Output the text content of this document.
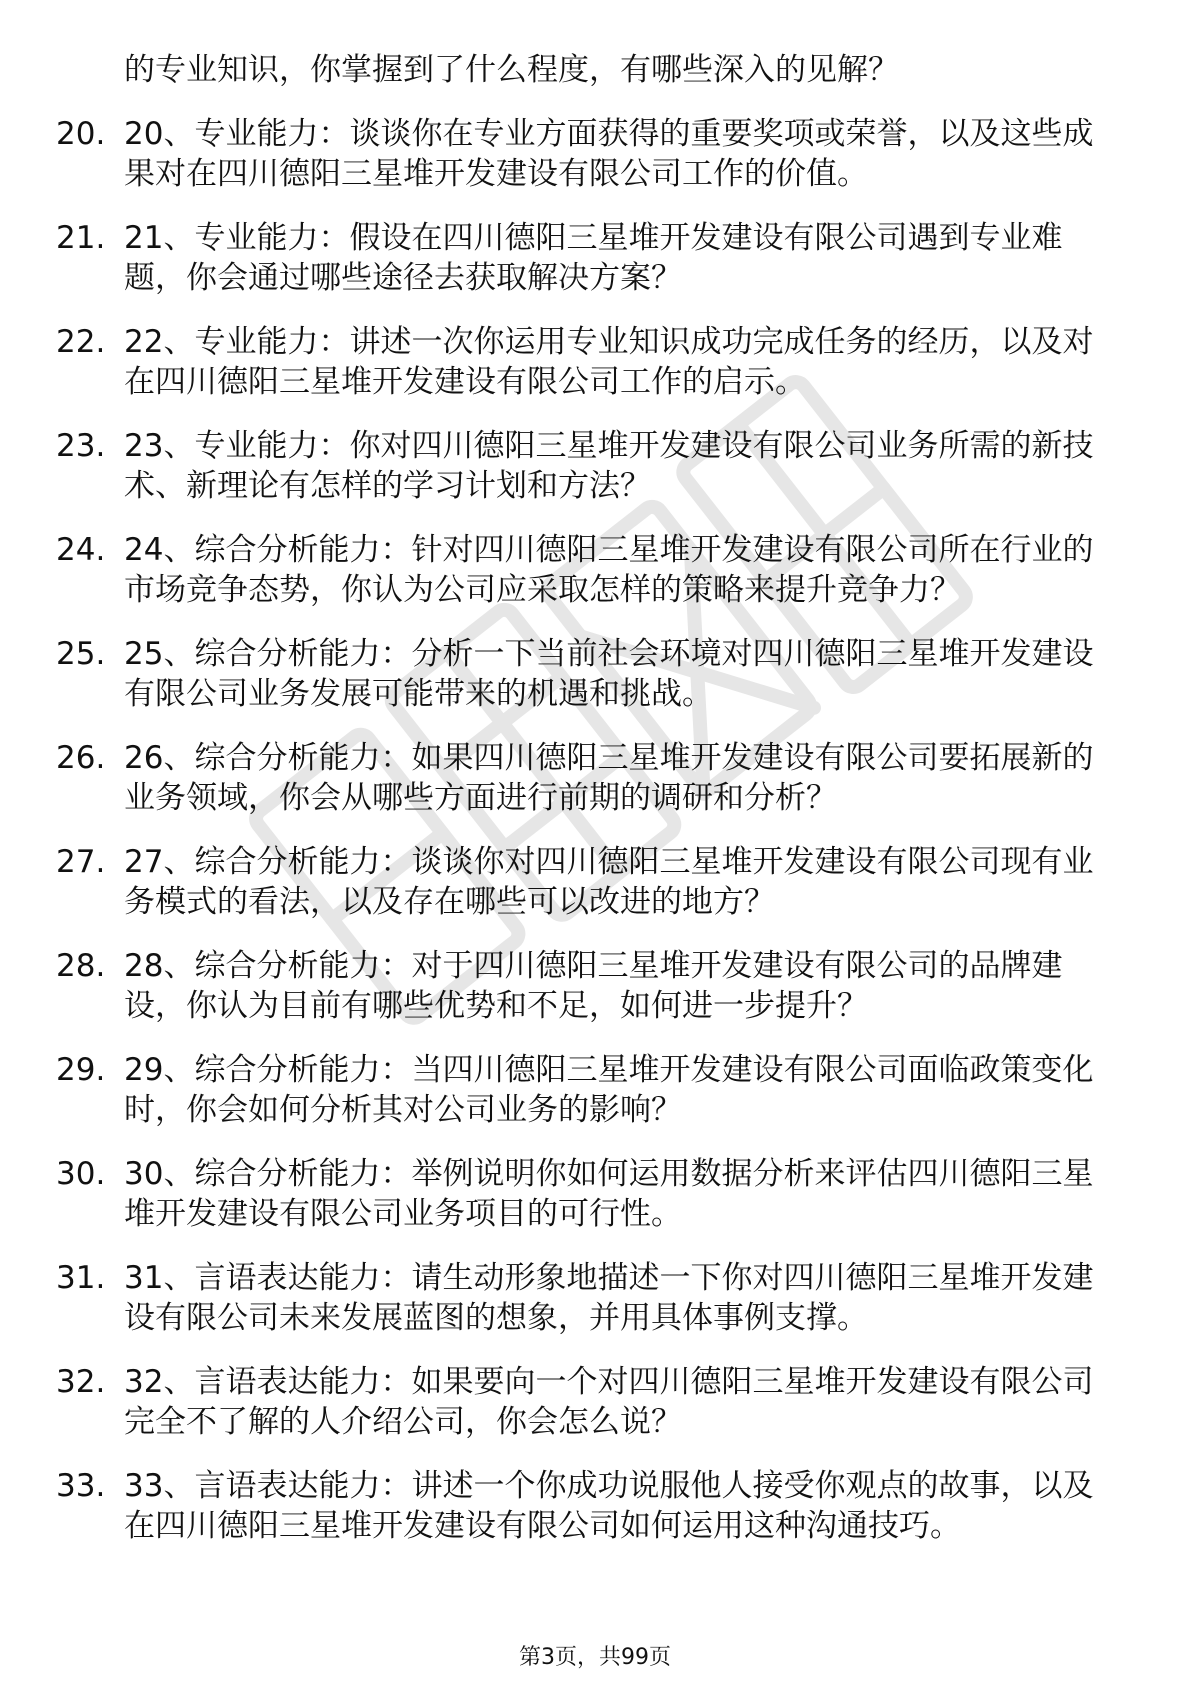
的专业知识，你掌握到了什么程度，有哪些深入的见解？

20. 20、专业能力：谈谈你在专业方面获得的重要奖项或荣誉，以及这些成果对在四川德阳三星堆开发建设有限公司工作的价值。
21. 21、专业能力：假设在四川德阳三星堆开发建设有限公司遇到专业难题，你会通过哪些途径去获取解决方案？
22. 22、专业能力：讲述一次你运用专业知识成功完成任务的经历，以及对在四川德阳三星堆开发建设有限公司工作的启示。
23. 23、专业能力：你对四川德阳三星堆开发建设有限公司业务所需的新技术、新理论有怎样的学习计划和方法？
24. 24、综合分析能力：针对四川德阳三星堆开发建设有限公司所在行业的市场竞争态势，你认为公司应采取怎样的策略来提升竞争力？
25. 25、综合分析能力：分析一下当前社会环境对四川德阳三星堆开发建设有限公司业务发展可能带来的机遇和挑战。
26. 26、综合分析能力：如果四川德阳三星堆开发建设有限公司要拓展新的业务领域，你会从哪些方面进行前期的调研和分析？
27. 27、综合分析能力：谈谈你对四川德阳三星堆开发建设有限公司现有业务模式的看法，以及存在哪些可以改进的地方？
28. 28、综合分析能力：对于四川德阳三星堆开发建设有限公司的品牌建设，你认为目前有哪些优势和不足，如何进一步提升？
29. 29、综合分析能力：当四川德阳三星堆开发建设有限公司面临政策变化时，你会如何分析其对公司业务的影响？
30. 30、综合分析能力：举例说明你如何运用数据分析来评估四川德阳三星堆开发建设有限公司业务项目的可行性。
31. 31、言语表达能力：请生动形象地描述一下你对四川德阳三星堆开发建设有限公司未来发展蓝图的想象，并用具体事例支撑。
32. 32、言语表达能力：如果要向一个对四川德阳三星堆开发建设有限公司完全不了解的人介绍公司，你会怎么说？
33. 33、言语表达能力：讲述一个你成功说服他人接受你观点的故事，以及在四川德阳三星堆开发建设有限公司如何运用这种沟通技巧。
第3页，共99页
